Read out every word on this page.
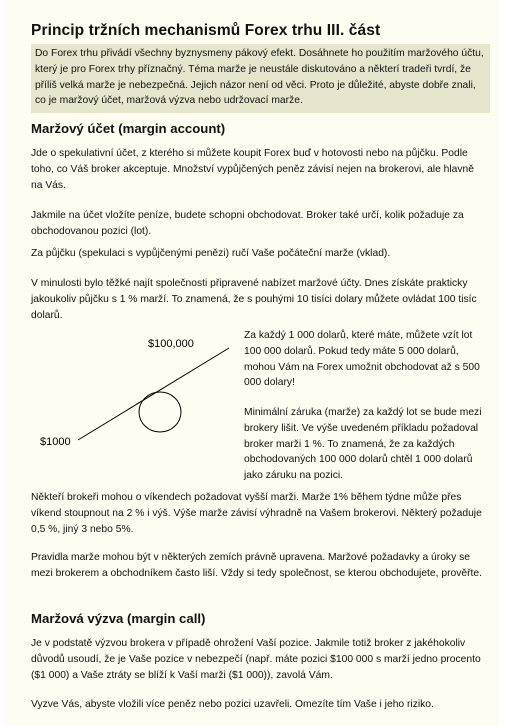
Princip tržních mechanismů Forex trhu III. část
Do Forex trhu přivádí všechny byznysmeny pákový efekt. Dosáhnete ho použitím maržového účtu, který je pro Forex trhy příznačný. Téma marže je neustále diskutováno a některí tradeři tvrdí, že příliš velká marže je nebezpečná. Jejich názor není od věci. Proto je důležité, abyste dobře znali, co je maržový účet, maržová výzva nebo udržovací marže.
Maržový účet (margin account)

Jde o spekulativní účet, z kterého si můžete koupit Forex buď v hotovosti nebo na půjčku. Podle toho, co Váš broker akceptuje. Množství vypůjčených peněz závisí nejen na brokerovi, ale hlavně na Vás.

Jakmile na účet vložíte peníze, budete schopni obchodovat. Broker také určí, kolik požaduje za obchodovanou pozici (lot).

Za půjčku (spekulaci s vypůjčenými penězi) ručí Vaše počáteční marže (vklad).

V minulosti bylo těžké najít společnosti připravené nabízet maržové účty. Dnes získáte prakticky jakoukoliv půjčku s 1 % marží. To znamená, že s pouhými 10 tisíci dolary můžete ovládat 100 tisíc dolarů.

$100,000
$1000

Za každý 1 000 dolarů, které máte, můžete vzít lot 100 000 dolarů. Pokud tedy máte 5 000 dolarů, mohou Vám na Forex umožnit obchodovat až s 500 000 dolary!

Minimální záruka (marže) za každý lot se bude mezi brokery lišit. Ve výše uvedeném příkladu požadoval broker marži 1 %. To znamená, že za každých obchodovaných 100 000 dolarů chtěl 1 000 dolarů jako záruku na pozici.

Někteří brokeři mohou o víkendech požadovat vyšší marži. Marže 1% během týdne může přes víkend stoupnout na 2 % i výš. Výše marže závisí výhradně na Vašem brokerovi. Některý požaduje 0,5 %, jiný 3 nebo 5%.

Pravidla marže mohou být v některých zemích právně upravena. Maržové požadavky a úroky se mezi brokerem a obchodníkem často liší. Vždy si tedy společnost, se kterou obchodujete, prověřte.

Maržová výzva (margin call)

Je v podstatě výzvou brokera v případě ohrožení Vaší pozice. Jakmile totiž broker z jakéhokoliv důvodů usoudí, že je Vaše pozice v nebezpečí (např. máte pozici $100 000 s marží jedno procento ($1 000) a Vaše ztráty se blíží k Vaší marži ($1 000)), zavolá Vám.

Vyzve Vás, abyste vložili více peněz nebo pozici uzavřeli. Omezíte tím Vaše i jeho riziko.
